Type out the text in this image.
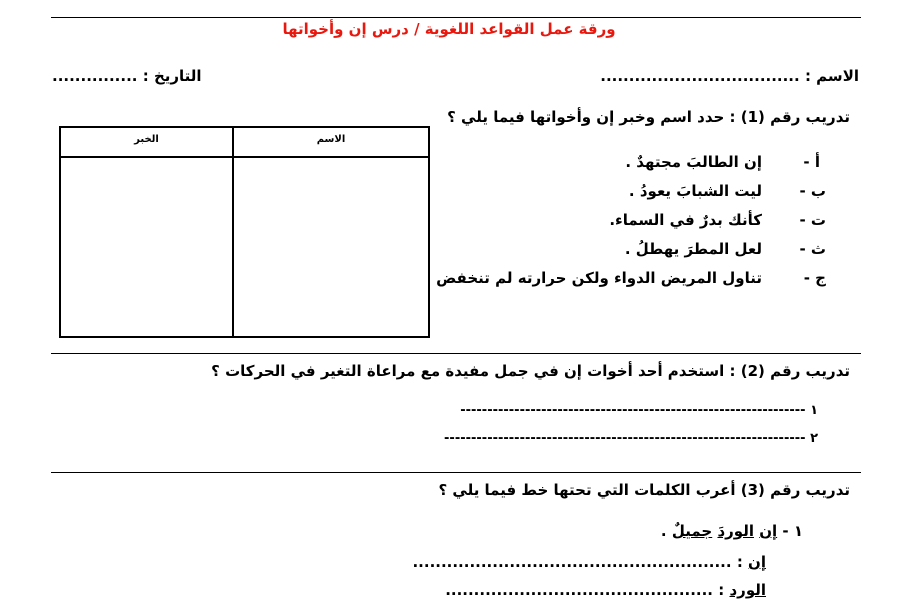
ورقة عمل القواعد اللغوية / درس إن وأخواتها
الاسم : ...................................
التاريخ : ...............
تدريب رقم (1) : حدد اسم وخبر إن وأخواتها فيما يلي ؟
الخبر	الاسم
أ -
إن الطالبَ مجتهدٌ .
ب -
ليت الشبابَ يعودُ .
ت -
كأنك بدرٌ في السماء.
ث -
لعل المطرَ يهطلُ .
ج -
تناول المريض الدواء ولكن حرارته لم تنخفض
تدريب رقم (2) : استخدم أحد أخوات إن في جمل مفيدة مع مراعاة التغير في الحركات ؟
١ ----------------------------------------------------------------
٢ -------------------------------------------------------------------
تدريب رقم (3) أعرب الكلمات التي تحتها خط فيما يلي ؟
١ - إن الوردَ جميلٌ .
إن : ........................................................
الورد : ...............................................
